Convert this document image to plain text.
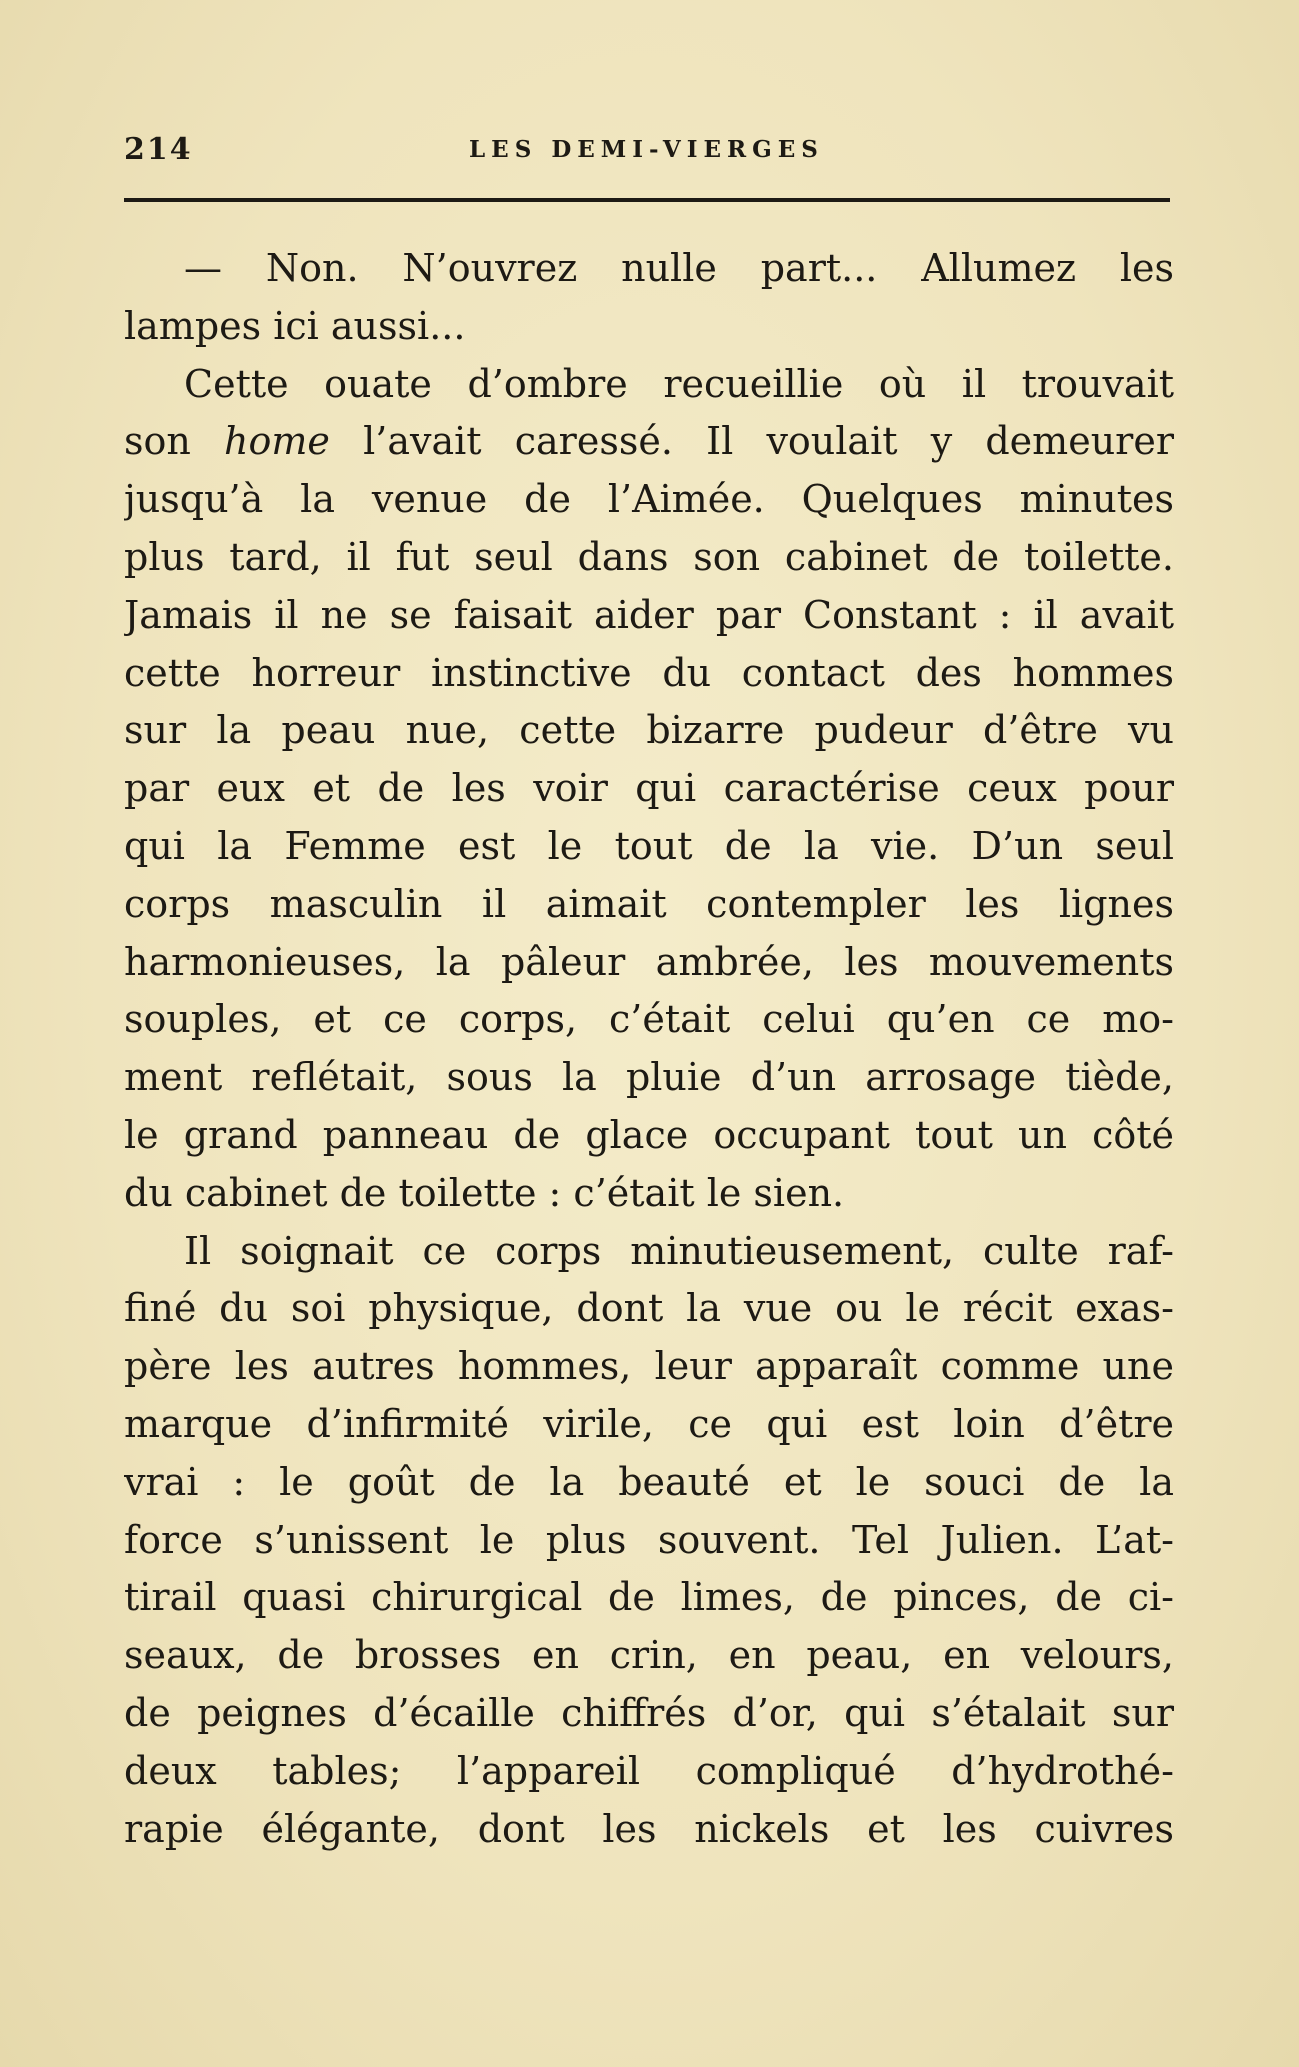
214	LES DEMI-VIERGES
— Non. N’ouvrez nulle part... Allumez les
lampes ici aussi...
Cette ouate d’ombre recueillie où il trouvait
son home l’avait caressé. Il voulait y demeurer
jusqu’à la venue de l’Aimée. Quelques minutes
plus tard, il fut seul dans son cabinet de toilette.
Jamais il ne se faisait aider par Constant : il avait
cette horreur instinctive du contact des hommes
sur la peau nue, cette bizarre pudeur d’être vu
par eux et de les voir qui caractérise ceux pour
qui la Femme est le tout de la vie. D’un seul
corps masculin il aimait contempler les lignes
harmonieuses, la pâleur ambrée, les mouvements
souples, et ce corps, c’était celui qu’en ce mo-
ment reflétait, sous la pluie d’un arrosage tiède,
le grand panneau de glace occupant tout un côté
du cabinet de toilette : c’était le sien.
Il soignait ce corps minutieusement, culte raf-
finé du soi physique, dont la vue ou le récit exas-
père les autres hommes, leur apparaît comme une
marque d’infirmité virile, ce qui est loin d’être
vrai : le goût de la beauté et le souci de la
force s’unissent le plus souvent. Tel Julien. L’at-
tirail quasi chirurgical de limes, de pinces, de ci-
seaux, de brosses en crin, en peau, en velours,
de peignes d’écaille chiffrés d’or, qui s’étalait sur
deux tables; l’appareil compliqué d’hydrothé-
rapie élégante, dont les nickels et les cuivres
